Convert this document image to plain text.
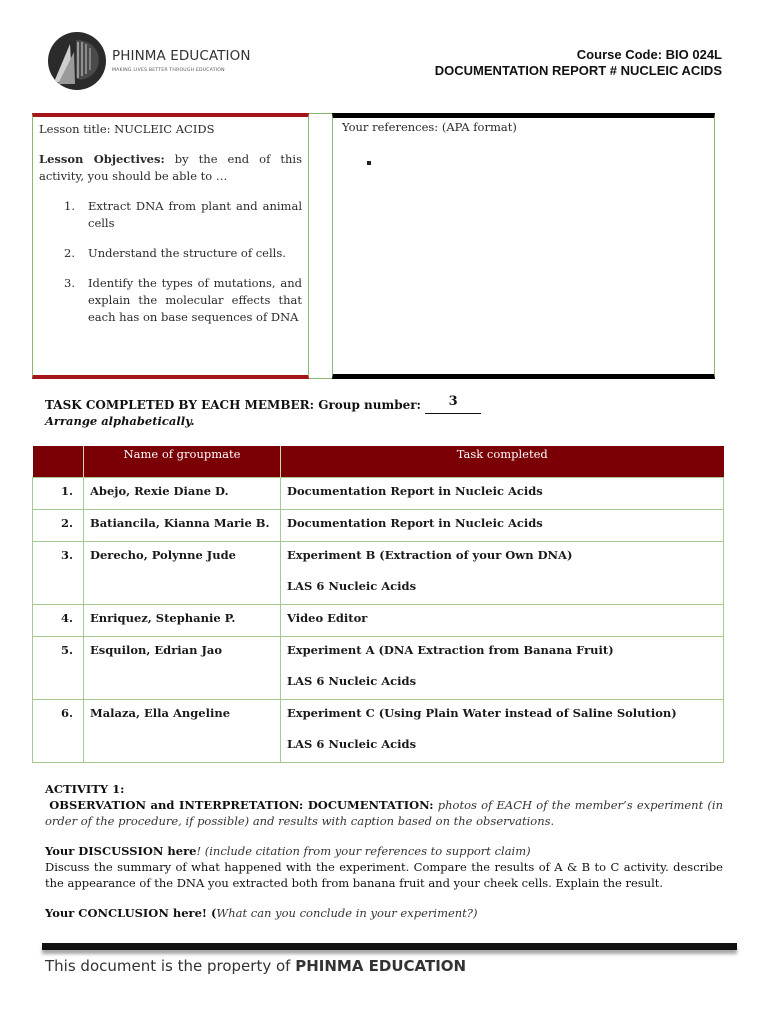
PHINMA EDUCATION
MAKING LIVES BETTER THROUGH EDUCATION
Course Code: BIO 024L
DOCUMENTATION REPORT # NUCLEIC ACIDS
Lesson title: NUCLEIC ACIDS
Lesson Objectives: by the end of this activity, you should be able to …
1. Extract DNA from plant and animal cells
2. Understand the structure of cells.
3. Identify the types of mutations, and explain the molecular effects that each has on base sequences of DNA
Your references: (APA format)
TASK COMPLETED BY EACH MEMBER: Group number: 3
Arrange alphabetically.
	Name of groupmate	Task completed
1.	Abejo, Rexie Diane D.	Documentation Report in Nucleic Acids

2.	Batiancila, Kianna Marie B.	Documentation Report in Nucleic Acids

3.	Derecho, Polynne Jude	Experiment B (Extraction of your Own DNA)

LAS 6 Nucleic Acids

4.	Enriquez, Stephanie P.	Video Editor

5.	Esquilon, Edrian Jao	Experiment A (DNA Extraction from Banana Fruit)

LAS 6 Nucleic Acids

6.	Malaza, Ella Angeline	Experiment C (Using Plain Water instead of Saline Solution)

LAS 6 Nucleic Acids

ACTIVITY 1:
OBSERVATION and INTERPRETATION: DOCUMENTATION: photos of EACH of the member’s experiment (in order of the procedure, if possible) and results with caption based on the observations.
Your DISCUSSION here! (include citation from your references to support claim)
Discuss the summary of what happened with the experiment. Compare the results of A & B to C activity. describe the appearance of the DNA you extracted both from banana fruit and your cheek cells. Explain the result.
Your CONCLUSION here! (What can you conclude in your experiment?)
This document is the property of PHINMA EDUCATION
